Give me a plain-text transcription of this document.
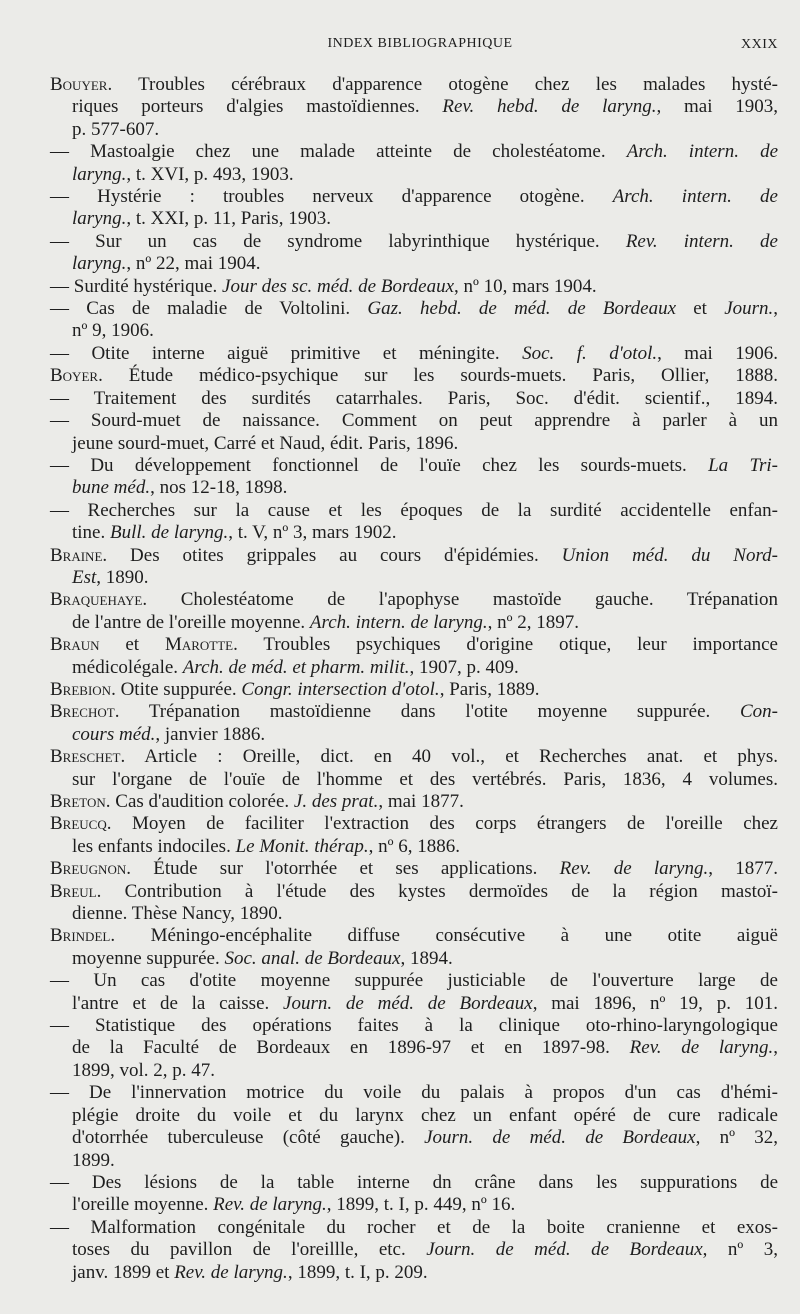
INDEX BIBLIOGRAPHIQUE	XXIX
Bouyer. Troubles cérébraux d'apparence otogène chez les malades hysté-
riques porteurs d'algies mastoïdiennes. Rev. hebd. de laryng., mai 1903,
p. 577-607.
— Mastoalgie chez une malade atteinte de cholestéatome. Arch. intern. de
laryng., t. XVI, p. 493, 1903.
— Hystérie : troubles nerveux d'apparence otogène. Arch. intern. de
laryng., t. XXI, p. 11, Paris, 1903.
— Sur un cas de syndrome labyrinthique hystérique. Rev. intern. de
laryng., nº 22, mai 1904.
— Surdité hystérique. Jour des sc. méd. de Bordeaux, nº 10, mars 1904.
— Cas de maladie de Voltolini. Gaz. hebd. de méd. de Bordeaux et Journ.,
nº 9, 1906.
— Otite interne aiguë primitive et méningite. Soc. f. d'otol., mai 1906.
Boyer. Étude médico-psychique sur les sourds-muets. Paris, Ollier, 1888.
— Traitement des surdités catarrhales. Paris, Soc. d'édit. scientif., 1894.
— Sourd-muet de naissance. Comment on peut apprendre à parler à un
jeune sourd-muet, Carré et Naud, édit. Paris, 1896.
— Du développement fonctionnel de l'ouïe chez les sourds-muets. La Tri-
bune méd., nos 12-18, 1898.
— Recherches sur la cause et les époques de la surdité accidentelle enfan-
tine. Bull. de laryng., t. V, nº 3, mars 1902.
Braine. Des otites grippales au cours d'épidémies. Union méd. du Nord-
Est, 1890.
Braquehaye. Cholestéatome de l'apophyse mastoïde gauche. Trépanation
de l'antre de l'oreille moyenne. Arch. intern. de laryng., nº 2, 1897.
Braun et Marotte. Troubles psychiques d'origine otique, leur importance
médicolégale. Arch. de méd. et pharm. milit., 1907, p. 409.
Brebion. Otite suppurée. Congr. intersection d'otol., Paris, 1889.
Brechot. Trépanation mastoïdienne dans l'otite moyenne suppurée. Con-
cours méd., janvier 1886.
Breschet. Article : Oreille, dict. en 40 vol., et Recherches anat. et phys.
sur l'organe de l'ouïe de l'homme et des vertébrés. Paris, 1836, 4 volumes.
Breton. Cas d'audition colorée. J. des prat., mai 1877.
Breucq. Moyen de faciliter l'extraction des corps étrangers de l'oreille chez
les enfants indociles. Le Monit. thérap., nº 6, 1886.
Breugnon. Étude sur l'otorrhée et ses applications. Rev. de laryng., 1877.
Breul. Contribution à l'étude des kystes dermoïdes de la région mastoï-
dienne. Thèse Nancy, 1890.
Brindel. Méningo-encéphalite diffuse consécutive à une otite aiguë
moyenne suppurée. Soc. anal. de Bordeaux, 1894.
— Un cas d'otite moyenne suppurée justiciable de l'ouverture large de
l'antre et de la caisse. Journ. de méd. de Bordeaux, mai 1896, nº 19, p. 101.
— Statistique des opérations faites à la clinique oto-rhino-laryngologique
de la Faculté de Bordeaux en 1896-97 et en 1897-98. Rev. de laryng.,
1899, vol. 2, p. 47.
— De l'innervation motrice du voile du palais à propos d'un cas d'hémi-
plégie droite du voile et du larynx chez un enfant opéré de cure radicale
d'otorrhée tuberculeuse (côté gauche). Journ. de méd. de Bordeaux, nº 32,
1899.
— Des lésions de la table interne dn crâne dans les suppurations de
l'oreille moyenne. Rev. de laryng., 1899, t. I, p. 449, nº 16.
— Malformation congénitale du rocher et de la boite cranienne et exos-
toses du pavillon de l'oreillle, etc. Journ. de méd. de Bordeaux, nº 3,
janv. 1899 et Rev. de laryng., 1899, t. I, p. 209.
